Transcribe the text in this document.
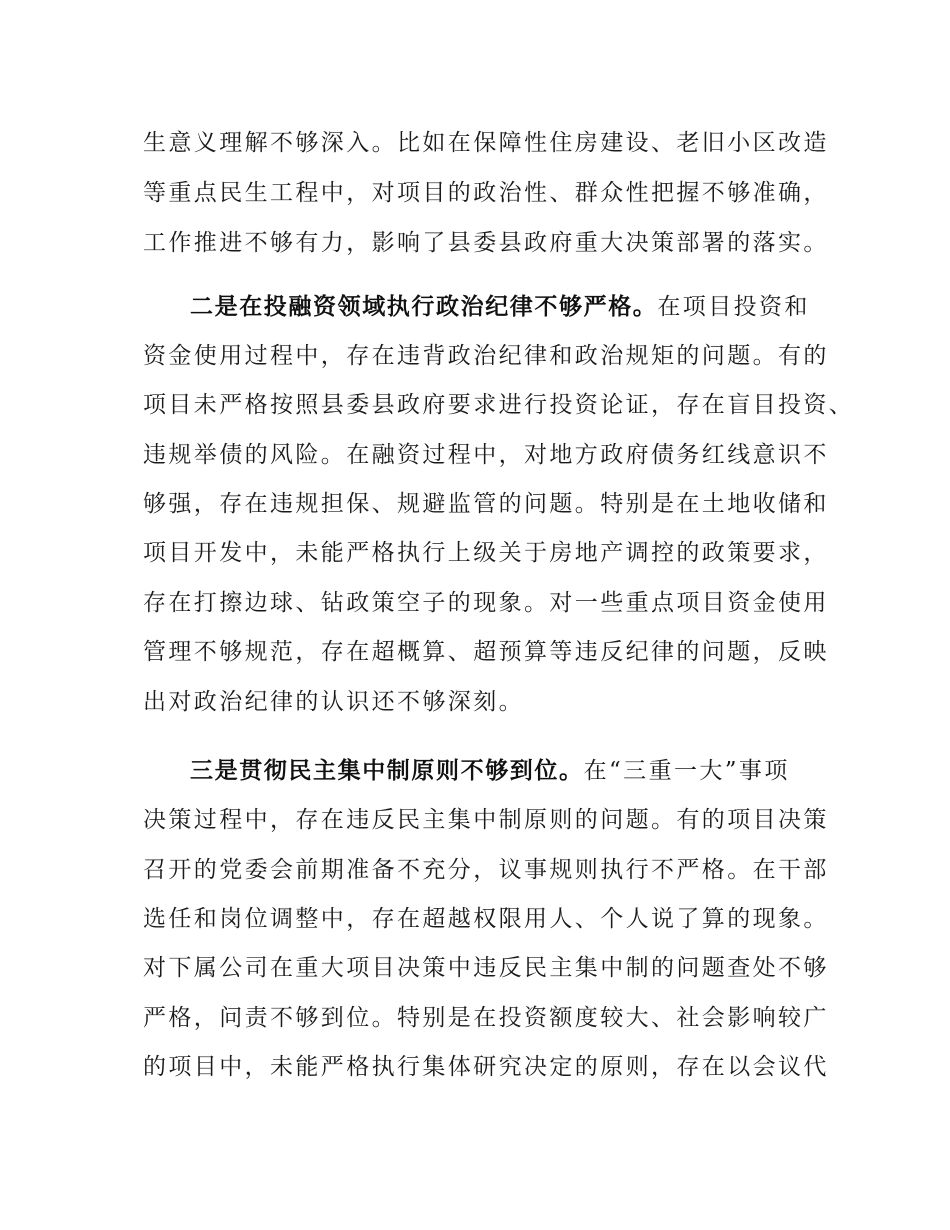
生意义理解不够深入。比如在保障性住房建设、老旧小区改造
等重点民生工程中，对项目的政治性、群众性把握不够准确，
工作推进不够有力，影响了县委县政府重大决策部署的落实。
二是在投融资领域执行政治纪律不够严格。在项目投资和
资金使用过程中，存在违背政治纪律和政治规矩的问题。有的
项目未严格按照县委县政府要求进行投资论证，存在盲目投资、
违规举债的风险。在融资过程中，对地方政府债务红线意识不
够强，存在违规担保、规避监管的问题。特别是在土地收储和
项目开发中，未能严格执行上级关于房地产调控的政策要求，
存在打擦边球、钻政策空子的现象。对一些重点项目资金使用
管理不够规范，存在超概算、超预算等违反纪律的问题，反映
出对政治纪律的认识还不够深刻。
三是贯彻民主集中制原则不够到位。在“三重一大”事项
决策过程中，存在违反民主集中制原则的问题。有的项目决策
召开的党委会前期准备不充分，议事规则执行不严格。在干部
选任和岗位调整中，存在超越权限用人、个人说了算的现象。
对下属公司在重大项目决策中违反民主集中制的问题查处不够
严格，问责不够到位。特别是在投资额度较大、社会影响较广
的项目中，未能严格执行集体研究决定的原则，存在以会议代
